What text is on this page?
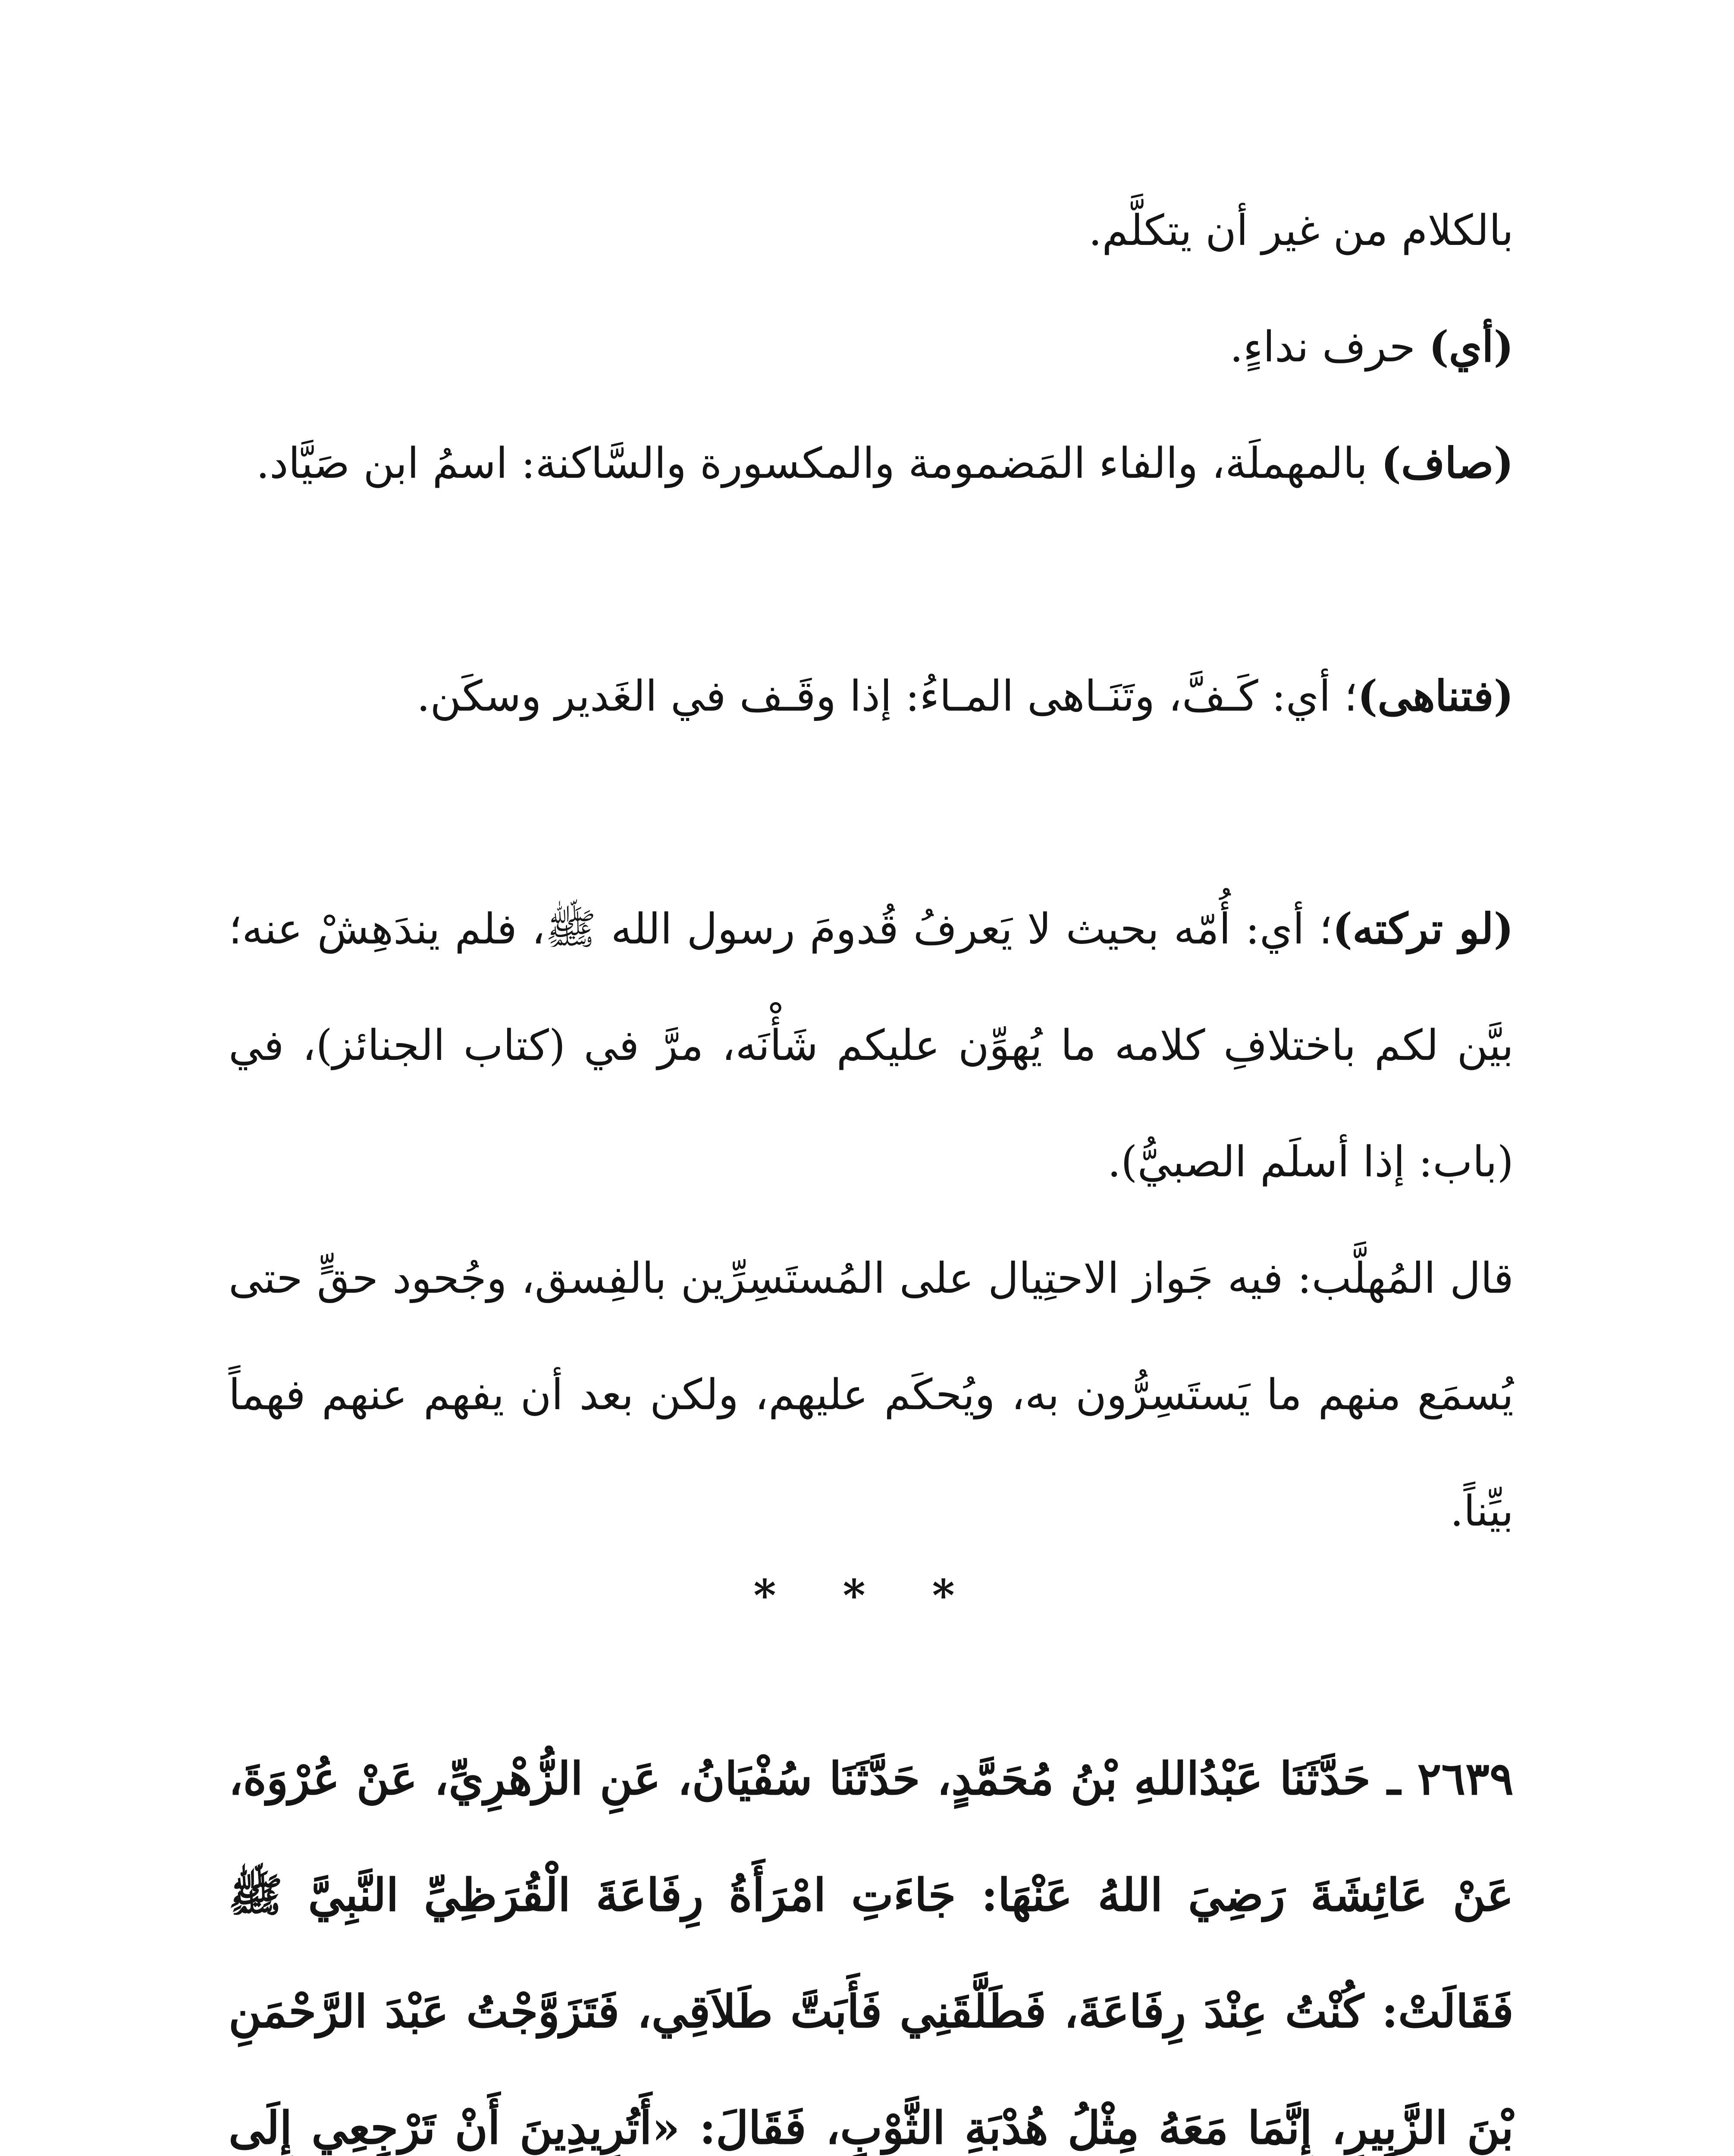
بالكلام من غير أن يتكلَّم.

(أي) حرف نداءٍ.

(صاف) بالمهملَة، والفاء المَضمومة والمكسورة والسَّاكنة: اسمُ ابن صَيَّاد.

(فتناهى)؛ أي: كَـفَّ، وتَنَـاهى المـاءُ: إذا وقَـف في الغَدير وسكَن.

(لو تركته)؛ أي: أُمّه بحيث لا يَعرفُ قُدومَ رسول الله ﷺ، فلم يندَهِشْ عنه؛ بيَّن لكم باختلافِ كلامه ما يُهوِّن عليكم شَأْنَه، مرَّ في (كتاب الجنائز)، في (باب: إذا أسلَم الصبيُّ).

قال المُهلَّب: فيه جَواز الاحتِيال على المُستَسِرِّين بالفِسق، وجُحود حقٍّ حتى يُسمَع منهم ما يَستَسِرُّون به، ويُحكَم عليهم، ولكن بعد أن يفهم عنهم فهماً بيِّناً.

* * *

٢٦٣٩ ـ حَدَّثَنَا عَبْدُاللهِ بْنُ مُحَمَّدٍ، حَدَّثَنَا سُفْيَانُ، عَنِ الزُّهْرِيِّ، عَنْ عُرْوَةَ، عَنْ عَائِشَةَ رَضِيَ اللهُ عَنْهَا: جَاءَتِ امْرَأَةُ رِفَاعَةَ الْقُرَظِيِّ النَّبِيَّ ﷺ فَقَالَتْ: كُنْتُ عِنْدَ رِفَاعَةَ، فَطَلَّقَنِي فَأَبَتَّ طَلاَقِي، فَتَزَوَّجْتُ عَبْدَ الرَّحْمَنِ بْنَ الزَّبِيرِ، إِنَّمَا مَعَهُ مِثْلُ هُدْبَةِ الثَّوْبِ، فَقَالَ: «أَتُرِيدِينَ أَنْ تَرْجِعِي إِلَى
